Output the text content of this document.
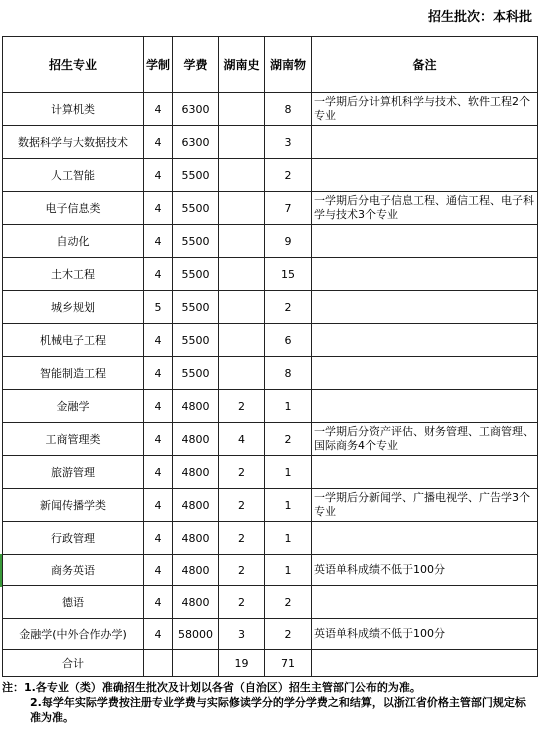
招生批次：本科批
招生专业	学制	学费	湖南史	湖南物	备注
计算机类	4	6300		8	一学期后分计算机科学与技术、软件工程2个专业
数据科学与大数据技术	4	6300		3	
人工智能	4	5500		2	
电子信息类	4	5500		7	一学期后分电子信息工程、通信工程、电子科学与技术3个专业
自动化	4	5500		9	
土木工程	4	5500		15	
城乡规划	5	5500		2	
机械电子工程	4	5500		6	
智能制造工程	4	5500		8	
金融学	4	4800	2	1	
工商管理类	4	4800	4	2	一学期后分资产评估、财务管理、工商管理、国际商务4个专业
旅游管理	4	4800	2	1	
新闻传播学类	4	4800	2	1	一学期后分新闻学、广播电视学、广告学3个专业
行政管理	4	4800	2	1	
商务英语	4	4800	2	1	英语单科成绩不低于100分
德语	4	4800	2	2	
金融学(中外合作办学)	4	58000	3	2	英语单科成绩不低于100分
合计			19	71	

注：1.各专业（类）准确招生批次及计划以各省（自治区）招生主管部门公布的为准。

2.每学年实际学费按注册专业学费与实际修读学分的学分学费之和结算，以浙江省价格主管部门规定标准为准。
